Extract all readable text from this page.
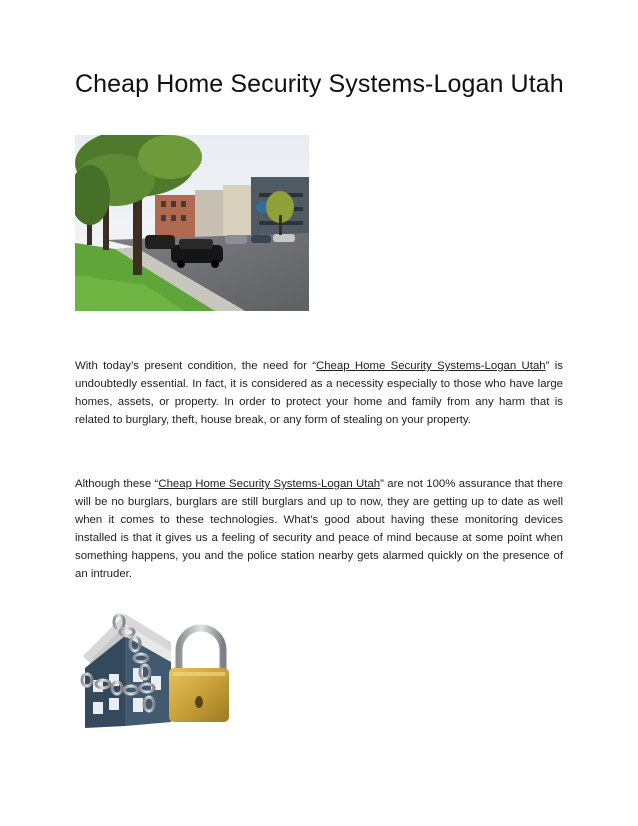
Cheap Home Security Systems-Logan Utah

With today’s present condition, the need for “Cheap Home Security Systems-Logan Utah” is undoubtedly essential. In fact, it is considered as a necessity especially to those who have large homes, assets, or property. In order to protect your home and family from any harm that is related to burglary, theft, house break, or any form of stealing on your property.

Although these “Cheap Home Security Systems-Logan Utah” are not 100% assurance that there will be no burglars, burglars are still burglars and up to now, they are getting up to date as well when it comes to these technologies. What’s good about having these monitoring devices installed is that it gives us a feeling of security and peace of mind because at some point when something happens, you and the police station nearby gets alarmed quickly on the presence of an intruder.
